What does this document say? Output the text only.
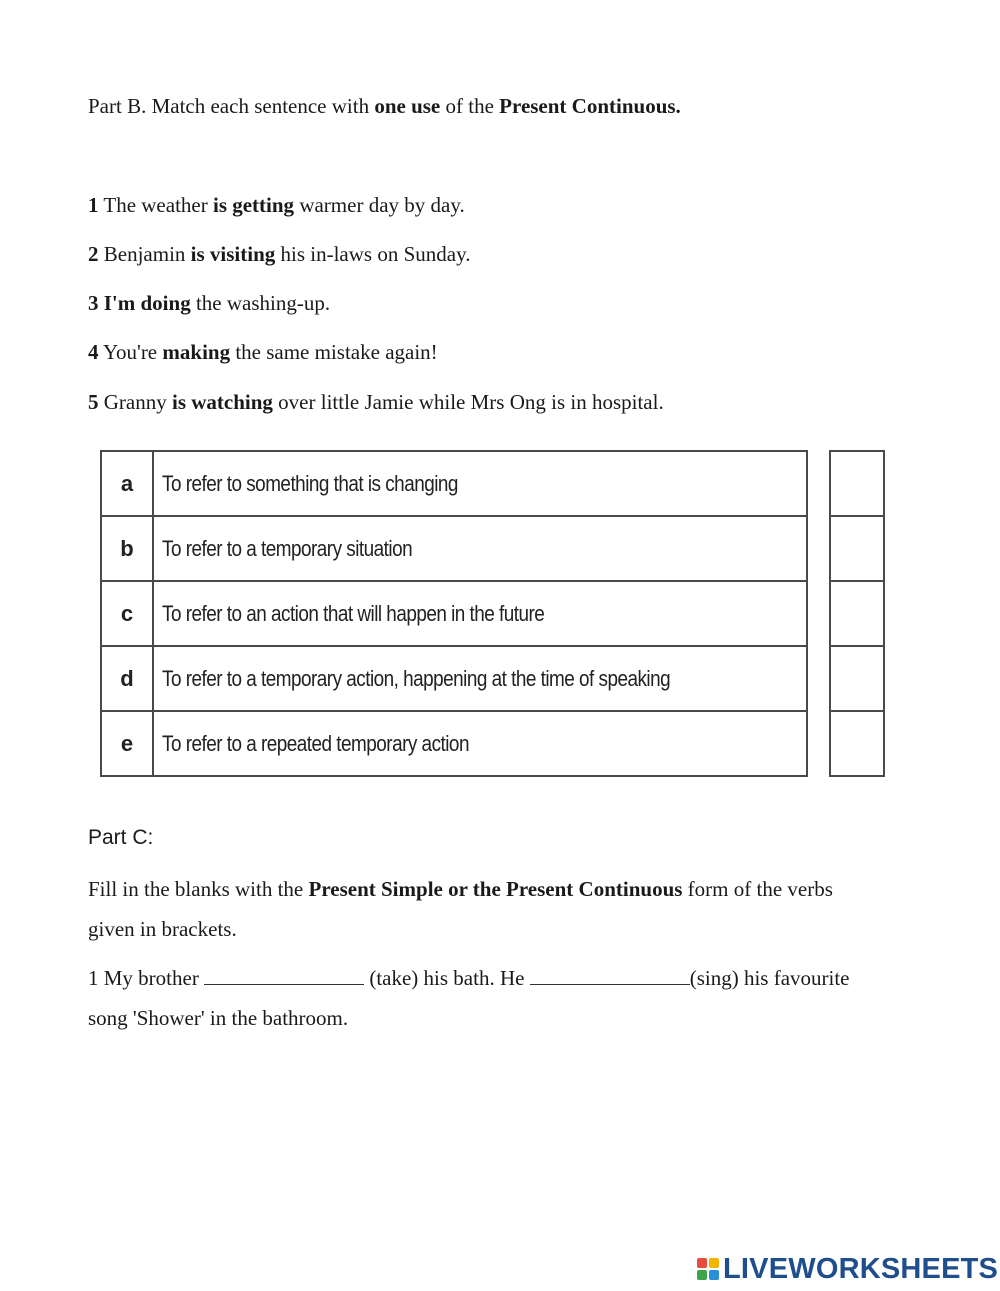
Part B. Match each sentence with one use of the Present Continuous.
1 The weather is getting warmer day by day.
2 Benjamin is visiting his in-laws on Sunday.
3 I'm doing the washing-up.
4 You're making the same mistake again!
5 Granny is watching over little Jamie while Mrs Ong is in hospital.
a	To refer to something that is changing
b	To refer to a temporary situation
c	To refer to an action that will happen in the future
d	To refer to a temporary action, happening at the time of speaking
e	To refer to a repeated temporary action

Part C:
Fill in the blanks with the Present Simple or the Present Continuous form of the verbs
given in brackets.
1 My brother	(take) his bath. He	(sing) his favourite
song 'Shower' in the bathroom.
LIVEWORKSHEETS
